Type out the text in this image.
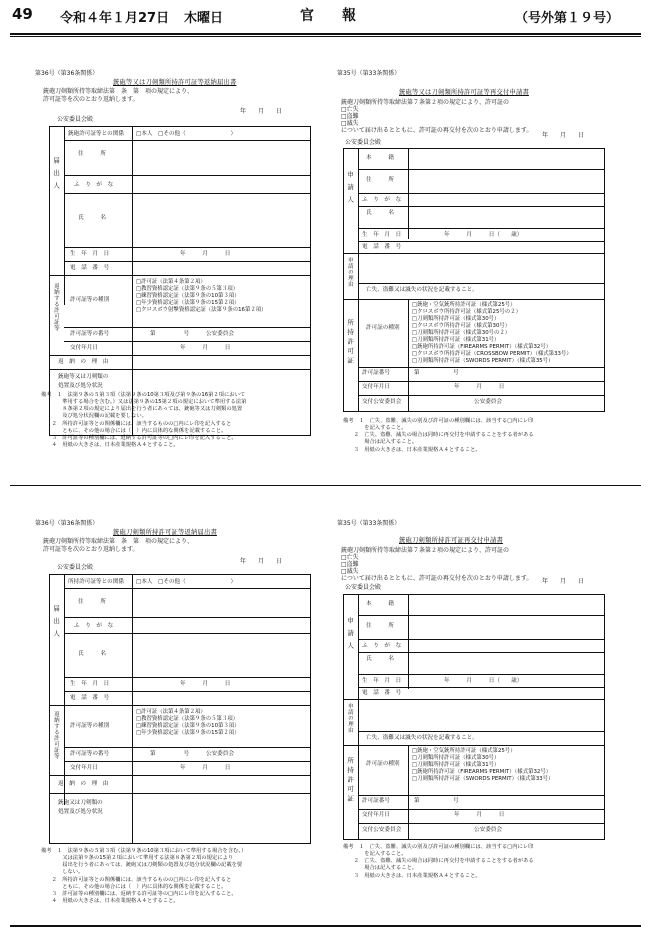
49 令和４年１月27日 木曜日	官　　報	（号外第１９号）
第36号（第36条関係）
銃砲等又は刀剣類所持許可証等返納届出書
銃砲刀剣類所持等取締法第　条　第　項の規定により、
許可証等を次のとおり返納します。
年　　月　　日
公安委員会殿
届出人
銃砲許可証等との関係 □本人　□その他（　　　　　　　　）
住　　　所
ふ　り　が　な
氏　　　名
生　年　月　日	年　　　月　　　日
電　話　番　号
返納する許可証等 許可証等の種別
□許可証（法第４条第２項）
□教習資格認定証（法第９条の５第３項）
□練習資格認定証（法第９条の10第３項）
□年少資格認定証（法第９条の15第２項）
□クロスボウ射撃資格認定証（法第９条の16第２項）
許可証等の番号	第　　　　　号　　　公安委員会
交付年月日	年　　　月　　　日
返　納　の　理　由
銃砲等又は刀剣類の
処置及び処分状況
備考　１　法第９条の５第３項（法第９条の10第３項及び第９条の16第２項において
　　　　準用する場合を含む。）又は法第９条の15第２項の規定において準用する法第
　　　　８条第２項の規定により届出を行う者にあっては、銃砲等又は刀剣類の処置
　　　　及び処分状況欄の記載を要しない。
　　２　所持許可証等との関係欄には、該当するものの□内にレ印を記入すると
　　　　ともに、その他の場合には（　）内に具体的な関係を記載すること。
　　３　許可証等の種別欄には、返納する許可証等の□内にレ印を記入すること。
　　４　用紙の大きさは、日本産業規格Ａ４とすること。
第35号（第33条関係）
銃砲等又は刀剣類所持許可証等再交付申請書
銃砲刀剣類所持等取締法第７条第２項の規定により、許可証の
□亡失
□盗難
□滅失
について届け出るとともに、許可証の再交付を次のとおり申請します。
年　　月　　日
公安委員会殿
申請人
本　　　籍
住　　　所
ふ　り　が　な
氏　　　名
生　年　月　日	年　　　月　　　日（　　歳）
電　話　番　号
申請の理由
亡失、盗難又は滅失の状況を記載すること。
所持許可証 許可証の種別
□銃砲・空気銃所持許可証（様式第25号）
□クロスボウ所持許可証（様式第25号の２）
□刀剣類所持許可証（様式第30号）
□クロスボウ所持許可証（様式第30号）
□刀剣類所持許可証（様式第30号の２）
□刀剣類所持許可証（様式第31号）
□銃砲所持許可証（FIREARMS PERMIT）（様式第32号）
□クロスボウ所持許可証（CROSSBOW PERMIT）（様式第33号）
□刀剣類所持許可証（SWORDS PERMIT）（様式第35号）
許可証番号	第　　　　　　号
交付年月日	年　　　月　　　日
交付公安委員会	公安委員会
備考　１　亡失、盗難、滅失の別及び許可証の種別欄には、該当する□内にレ印
　　　　を記入すること。
　　２　亡失、盗難、滅失の場合は同時に再交付を申請することをする者がある
　　　　場合は記入すること。
　　３　用紙の大きさは、日本産業規格Ａ４とすること。
第36号（第36条関係）
銃砲刀剣類所持許可証等返納届出書
銃砲刀剣類所持等取締法第　条　第　項の規定により、
許可証等を次のとおり返納します。
年　　月　　日
公安委員会殿
届出人
所持許可証等との関係 □本人　□その他（　　　　　　　　）
住　　　所
ふ　り　が　な
氏　　　名
生　年　月　日	年　　　月　　　日
電　話　番　号
返納する許可証等 許可証等の種別
□許可証（法第４条第２項）
□教習資格認定証（法第９条の５第３項）
□練習資格認定証（法第９条の10第３項）
□年少資格認定証（法第９条の15第２項）
許可証等の番号	第　　　　　号　　　公安委員会
交付年月日	年　　　月　　　日
返　納　の　理　由
銃砲又は刀剣類の
処置及び処分状況
備考　１　法第９条の５第３項（法第９条の10第３項において準用する場合を含む。）
　　　　又は法第９条の15第２項において準用する法第８条第２項の規定により
　　　　届出を行う者にあっては、銃砲又は刀剣類の処置及び処分状況欄の記載を要
　　　　しない。
　　２　所持許可証等との関係欄には、該当するものの□内にレ印を記入すると
　　　　ともに、その他の場合には（　）内に具体的な関係を記載すること。
　　３　許可証等の種別欄には、返納する許可証等の□内にレ印を記入すること。
　　４　用紙の大きさは、日本産業規格Ａ４とすること。
第35号（第33条関係）
銃砲刀剣類所持許可証再交付申請書
銃砲刀剣類所持等取締法第７条第２項の規定により、許可証の
□亡失
□盗難
□滅失
について届け出るとともに、許可証の再交付を次のとおり申請します。	年　　月　　日
公安委員会殿
申請人
本　　　籍
住　　　所
ふ　り　が　な
氏　　　名
生　年　月　日	年　　　月　　　日（　　歳）
電　話　番　号
申請の理由
亡失、盗難又は滅失の状況を記載すること。
所持許可証 許可証の種別
□銃砲・空気銃所持許可証（様式第25号）
□刀剣類所持許可証（様式第30号）
□刀剣類所持許可証（様式第31号）
□銃砲所持許可証（FIREARMS PERMIT）（様式第32号）
□刀剣類所持許可証（SWORDS PERMIT）（様式第33号）
許可証番号	第　　　　　　号
交付年月日	年　　　月　　　日
交付公安委員会	公安委員会
備考　１　亡失、盗難、滅失の別及び許可証の種別欄には、該当する□内にレ印
　　　　を記入すること。
　　２　亡失、盗難、滅失の場合は同時に再交付を申請することをする者がある
　　　　場合は記入すること。
　　３　用紙の大きさは、日本産業規格Ａ４とすること。
